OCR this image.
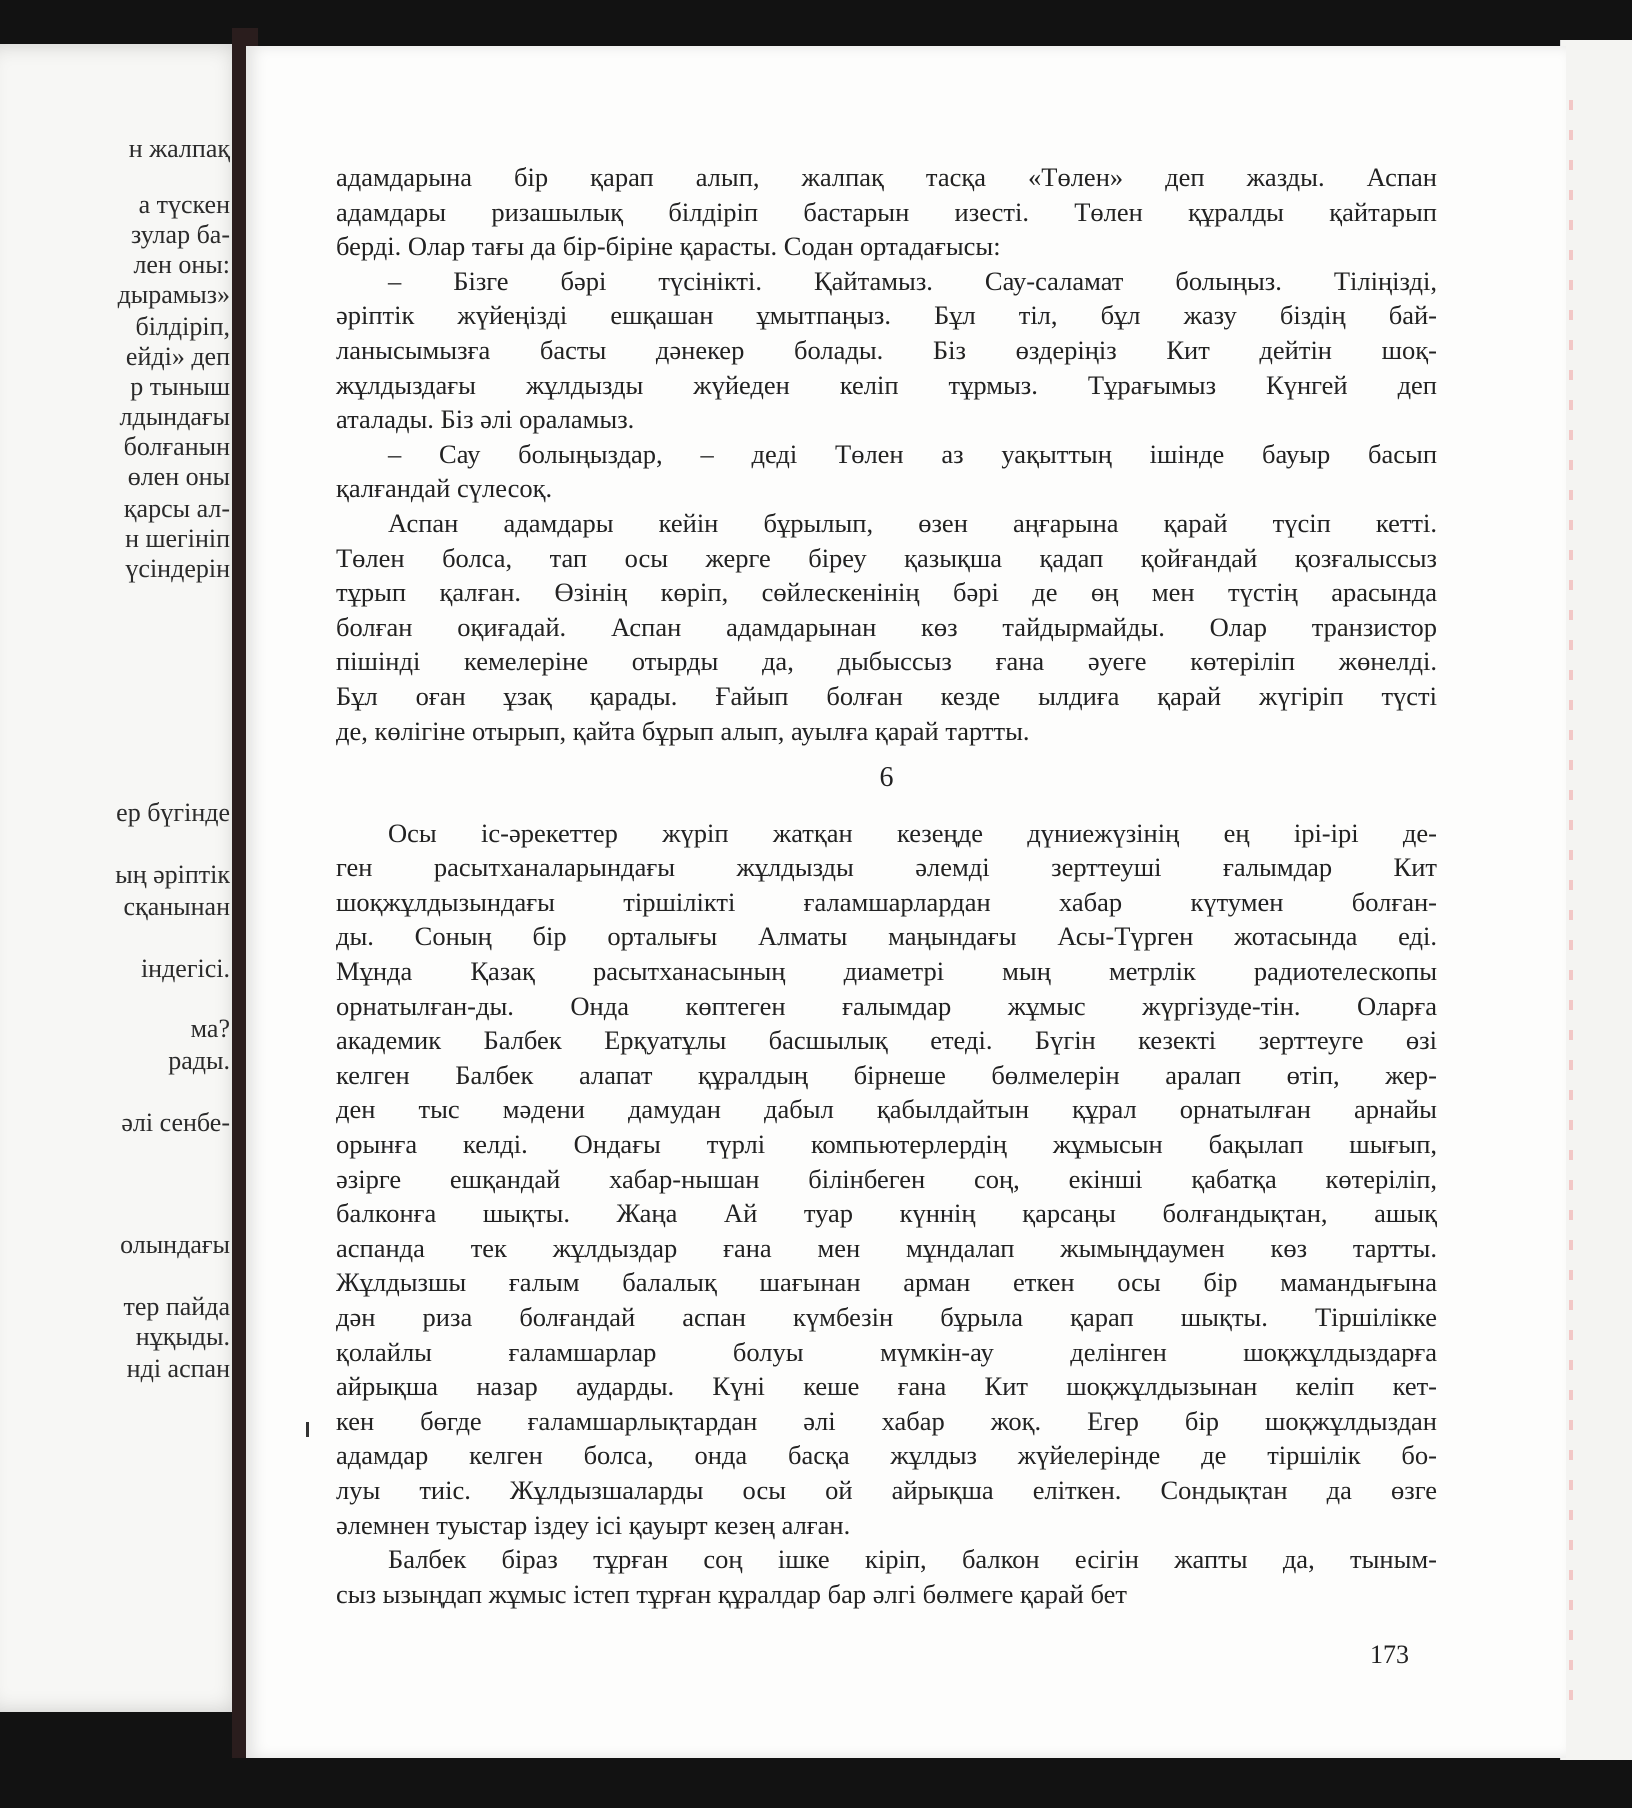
н жалпақ
а түскен
зулар ба-
лен оны:
дырамыз»
білдіріп,
ейді» деп
р тыныш
лдындағы
болғанын
өлен оны
қарсы ал-
н шегініп
үсіндерін
ер бүгінде
ың әріптік
сқанынан
індегісі.
ма?
рады.
әлі сенбе-
олындағы
тер пайда
нұқыды.
нді аспан

адамдарына бір қарап алып, жалпақ тасқа «Төлен» деп жазды. Аспан
адамдары ризашылық білдіріп бастарын изесті. Төлен құралды қайтарып
берді. Олар тағы да бір-біріне қарасты. Содан ортадағысы:

– Бізге бәрі түсінікті. Қайтамыз. Сау-саламат болыңыз. Тіліңізді,
әріптік жүйеңізді ешқашан ұмытпаңыз. Бұл тіл, бұл жазу біздің бай-
ланысымызға басты дәнекер болады. Біз өздеріңіз Кит дейтін шоқ-
жұлдыздағы жұлдызды жүйеден келіп тұрмыз. Тұрағымыз Күнгей деп
аталады. Біз әлі ораламыз.

– Сау болыңыздар, – деді Төлен аз уақыттың ішінде бауыр басып
қалғандай сүлесоқ.

Аспан адамдары кейін бұрылып, өзен аңғарына қарай түсіп кетті.
Төлен болса, тап осы жерге біреу қазықша қадап қойғандай қозғалыссыз
тұрып қалған. Өзінің көріп, сөйлескенінің бәрі де өң мен түстің арасында
болған оқиғадай. Аспан адамдарынан көз тайдырмайды. Олар транзистор
пішінді кемелеріне отырды да, дыбыссыз ғана әуеге көтеріліп жөнелді.
Бұл оған ұзақ қарады. Ғайып болған кезде ылдиға қарай жүгіріп түсті
де, көлігіне отырып, қайта бұрып алып, ауылға қарай тартты.

6

Осы іс-әрекеттер жүріп жатқан кезеңде дүниежүзінің ең ірі-ірі де-
ген расытханаларындағы жұлдызды әлемді зерттеуші ғалымдар Кит
шоқжұлдызындағы тіршілікті ғаламшарлардан хабар күтумен болған-
ды. Соның бір орталығы Алматы маңындағы Асы-Түрген жотасында еді.
Мұнда Қазақ расытханасының диаметрі мың метрлік радиотелескопы
орнатылған-ды. Онда көптеген ғалымдар жұмыс жүргізуде-тін. Оларға
академик Балбек Ерқуатұлы басшылық етеді. Бүгін кезекті зерттеуге өзі
келген Балбек алапат құралдың бірнеше бөлмелерін аралап өтіп, жер-
ден тыс мәдени дамудан дабыл қабылдайтын құрал орнатылған арнайы
орынға келді. Ондағы түрлі компьютерлердің жұмысын бақылап шығып,
әзірге ешқандай хабар-нышан білінбеген соң, екінші қабатқа көтеріліп,
балконға шықты. Жаңа Ай туар күннің қарсаңы болғандықтан, ашық
аспанда тек жұлдыздар ғана мен мұндалап жымыңдаумен көз тартты.
Жұлдызшы ғалым балалық шағынан арман еткен осы бір мамандығына
дән риза болғандай аспан күмбезін бұрыла қарап шықты. Тіршілікке
қолайлы ғаламшарлар болуы мүмкін-ау делінген шоқжұлдыздарға
айрықша назар аударды. Күні кеше ғана Кит шоқжұлдызынан келіп кет-
кен бөгде ғаламшарлықтардан әлі хабар жоқ. Егер бір шоқжұлдыздан
адамдар келген болса, онда басқа жұлдыз жүйелерінде де тіршілік бо-
луы тиіс. Жұлдызшаларды осы ой айрықша еліткен. Сондықтан да өзге
әлемнен туыстар іздеу ісі қауырт кезең алған.

Балбек біраз тұрған соң ішке кіріп, балкон есігін жапты да, тыным-
сыз ызыңдап жұмыс істеп тұрған құралдар бар әлгі бөлмеге қарай бет

173
